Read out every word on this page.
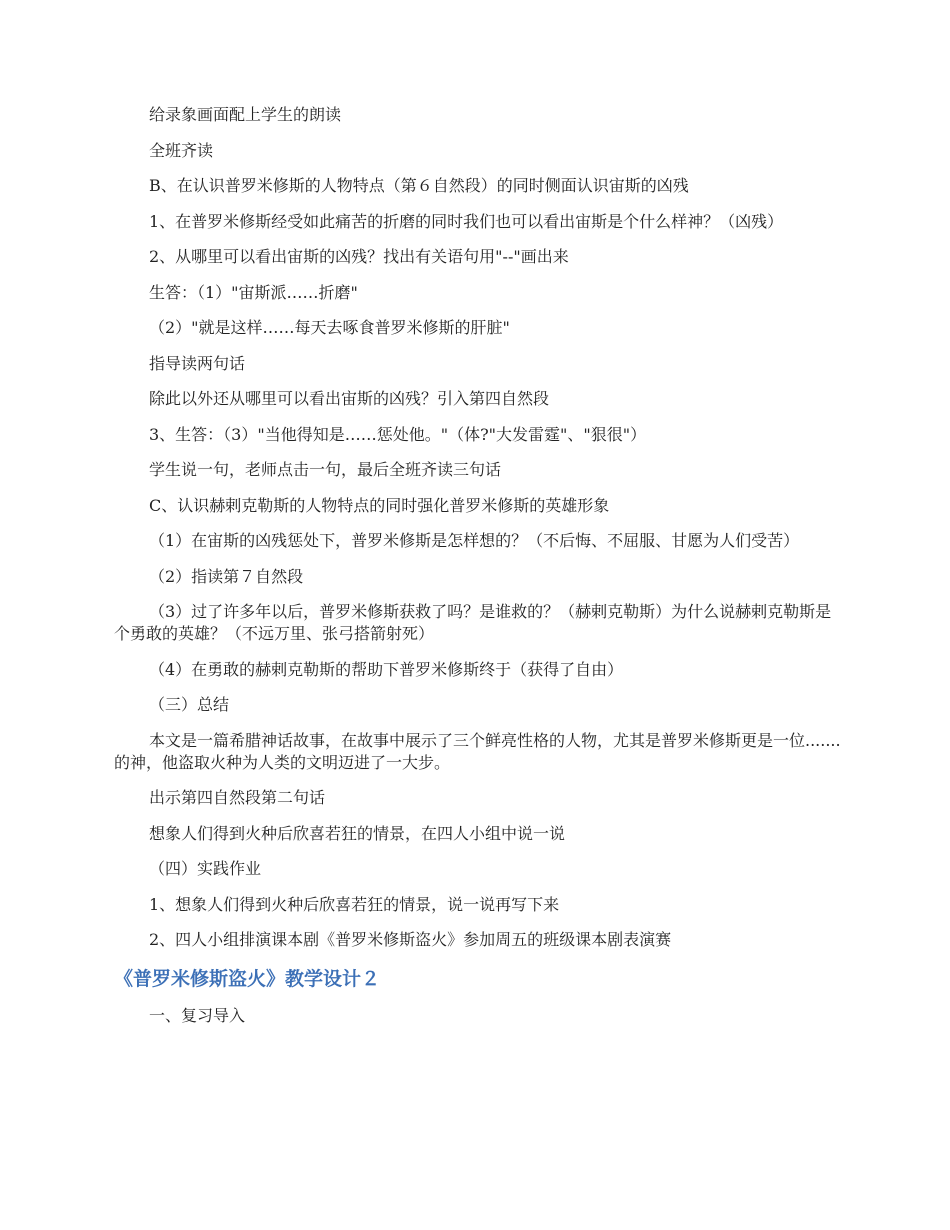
给录象画面配上学生的朗读

全班齐读

B、在认识普罗米修斯的人物特点（第６自然段）的同时侧面认识宙斯的凶残

1、在普罗米修斯经受如此痛苦的折磨的同时我们也可以看出宙斯是个什么样神？（凶残）

2、从哪里可以看出宙斯的凶残？找出有关语句用"--"画出来

生答：（1）"宙斯派……折磨"

（2）"就是这样……每天去啄食普罗米修斯的肝脏"

指导读两句话

除此以外还从哪里可以看出宙斯的凶残？引入第四自然段

3、生答：（3）"当他得知是……惩处他。"（体?"大发雷霆"、"狠很"）

学生说一句，老师点击一句，最后全班齐读三句话

C、认识赫剌克勒斯的人物特点的同时强化普罗米修斯的英雄形象

（1）在宙斯的凶残惩处下，普罗米修斯是怎样想的？（不后悔、不屈服、甘愿为人们受苦）

（2）指读第７自然段

（3）过了许多年以后，普罗米修斯获救了吗？是谁救的？（赫剌克勒斯）为什么说赫剌克勒斯是个勇敢的英雄？（不远万里、张弓搭箭射死）

（4）在勇敢的赫剌克勒斯的帮助下普罗米修斯终于（获得了自由）

（三）总结

本文是一篇希腊神话故事，在故事中展示了三个鲜亮性格的人物，尤其是普罗米修斯更是一位.......的神，他盗取火种为人类的文明迈进了一大步。

出示第四自然段第二句话

想象人们得到火种后欣喜若狂的情景，在四人小组中说一说

（四）实践作业

1、想象人们得到火种后欣喜若狂的情景，说一说再写下来

2、四人小组排演课本剧《普罗米修斯盗火》参加周五的班级课本剧表演赛

《普罗米修斯盗火》教学设计２

一、复习导入
